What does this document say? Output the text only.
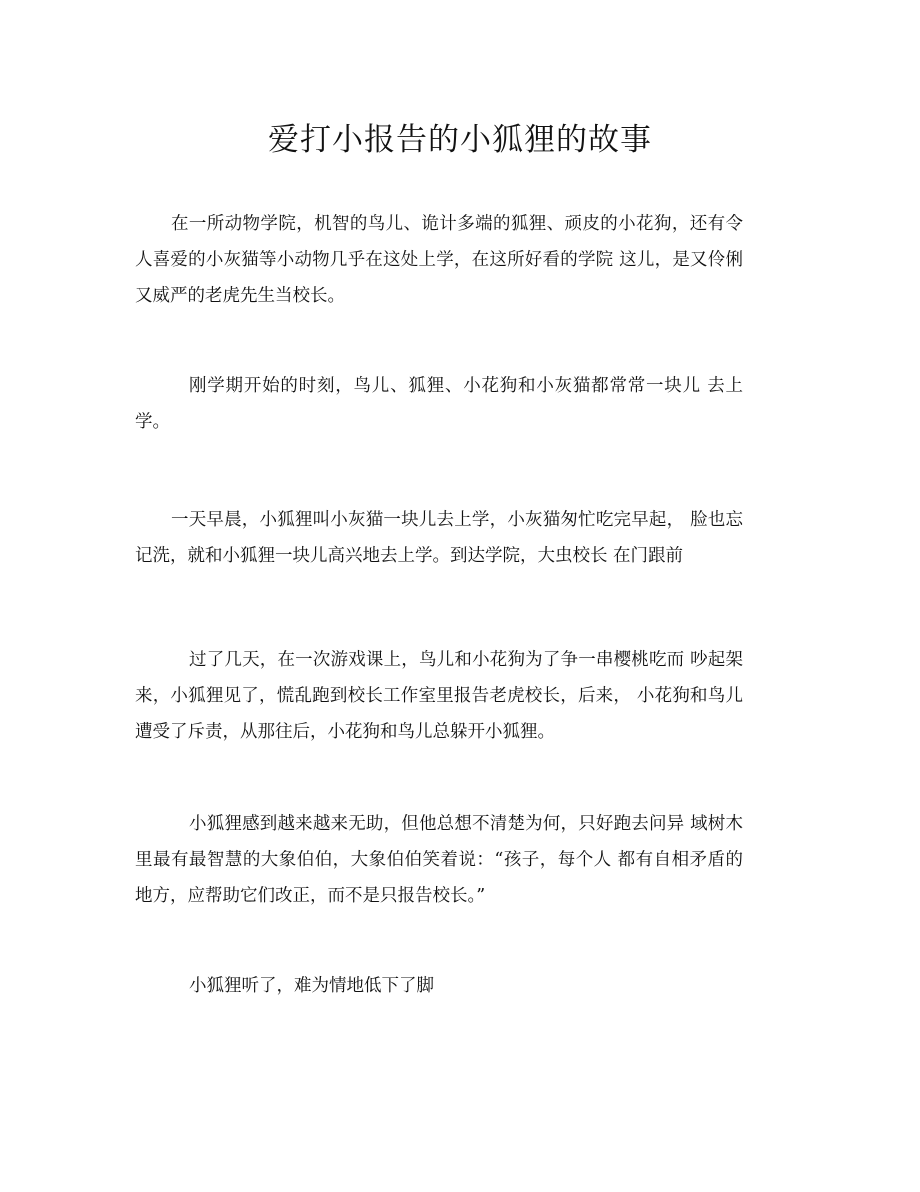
爱打小报告的小狐狸的故事

在一所动物学院，机智的鸟儿、诡计多端的狐狸、顽皮的小花狗，还有令人喜爱的小灰猫等小动物几乎在这处上学，在这所好看的学院 这儿，是又伶俐又威严的老虎先生当校长。

刚学期开始的时刻，鸟儿、狐狸、小花狗和小灰猫都常常一块儿 去上学。

一天早晨，小狐狸叫小灰猫一块儿去上学，小灰猫匆忙吃完早起， 脸也忘记洗，就和小狐狸一块儿高兴地去上学。到达学院，大虫校长 在门跟前

过了几天，在一次游戏课上，鸟儿和小花狗为了争一串樱桃吃而 吵起架来，小狐狸见了，慌乱跑到校长工作室里报告老虎校长，后来， 小花狗和鸟儿遭受了斥责，从那往后，小花狗和鸟儿总躲开小狐狸。

小狐狸感到越来越来无助，但他总想不清楚为何，只好跑去问异 域树木里最有最智慧的大象伯伯，大象伯伯笑着说：“孩子，每个人 都有自相矛盾的地方，应帮助它们改正，而不是只报告校长。”

小狐狸听了，难为情地低下了脚
